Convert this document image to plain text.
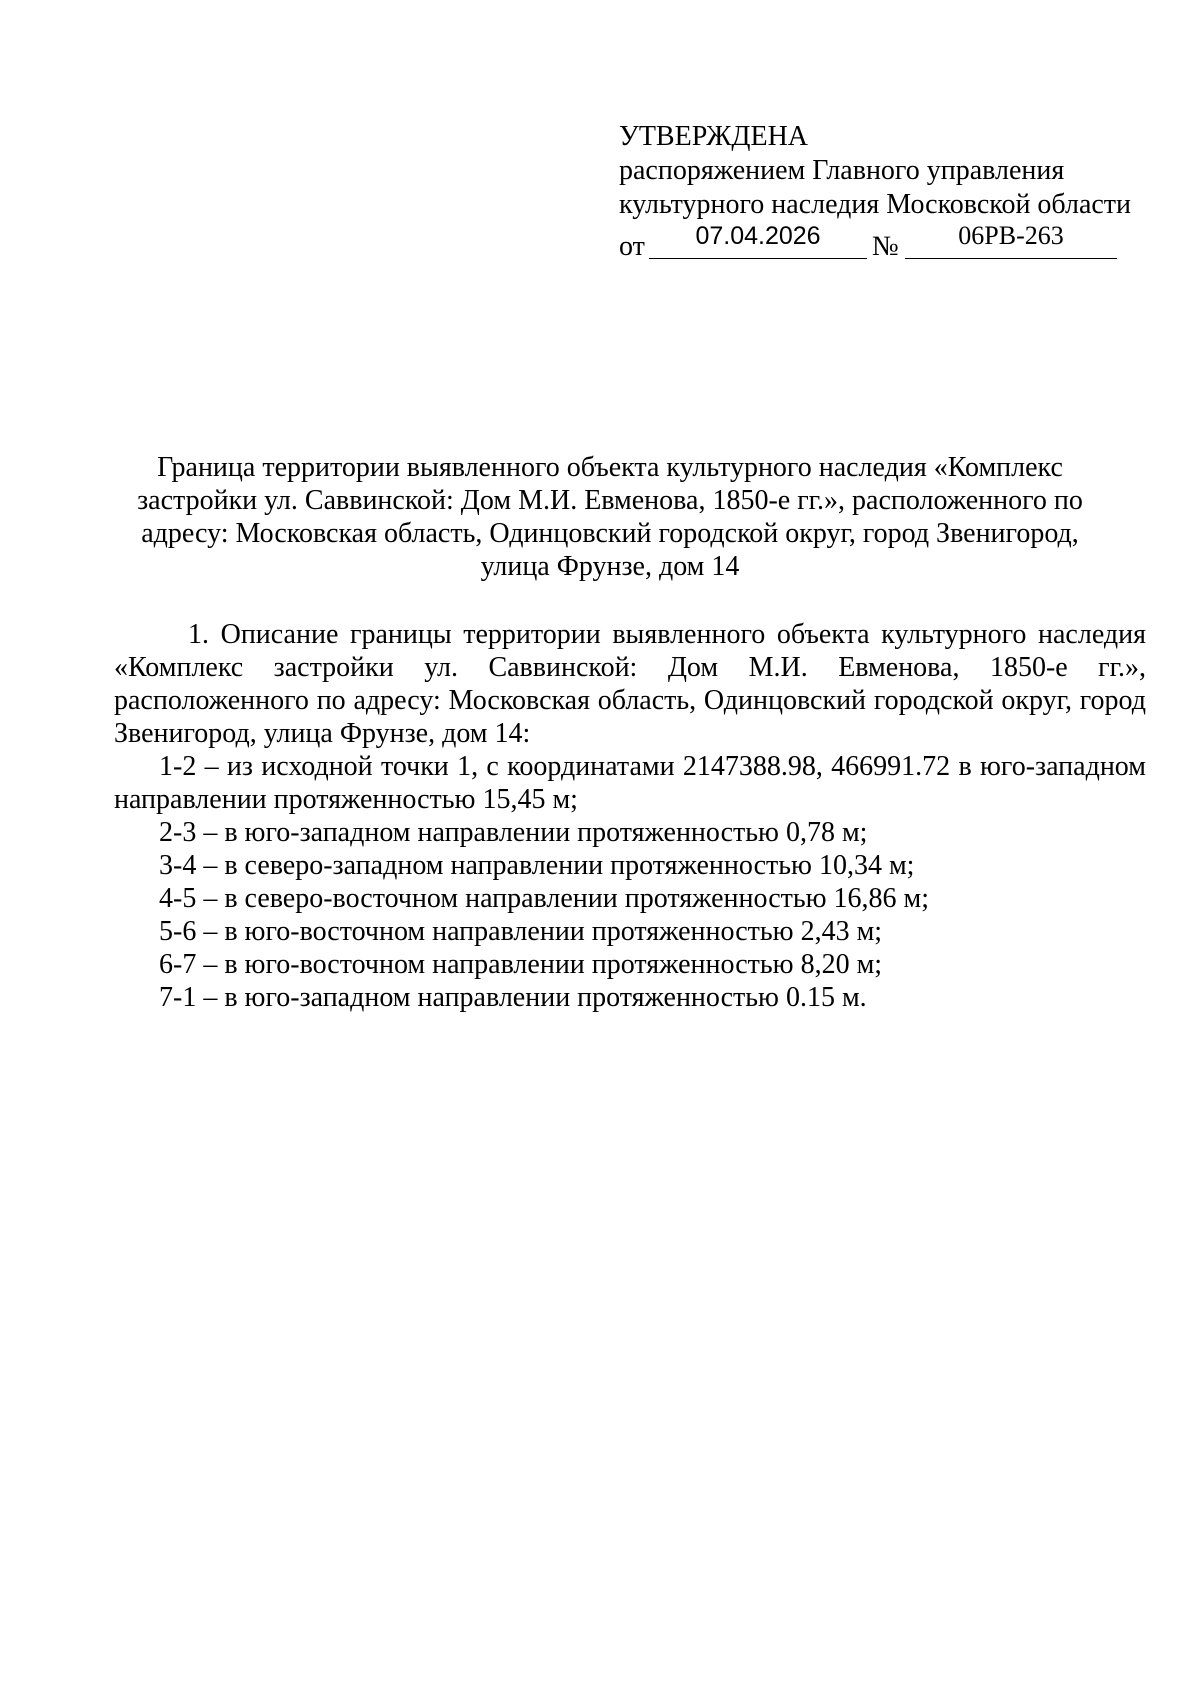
УТВЕРЖДЕНА
распоряжением Главного управления
культурного наследия Московской области
от	07.04.2026	№	06РВ-263
Граница территории выявленного объекта культурного наследия «Комплекс застройки ул. Саввинской: Дом М.И. Евменова, 1850-е гг.», расположенного по адресу: Московская область, Одинцовский городской округ, город Звенигород, улица Фрунзе, дом 14

1. Описание границы территории выявленного объекта культурного наследия «Комплекс застройки ул. Саввинской: Дом М.И. Евменова, 1850-е гг.», расположенного по адресу: Московская область, Одинцовский городской округ, город Звенигород, улица Фрунзе, дом 14:

1-2 – из исходной точки 1, с координатами 2147388.98, 466991.72 в юго-западном направлении протяженностью 15,45 м;

2-3 – в юго-западном направлении протяженностью 0,78 м;

3-4 – в северо-западном направлении протяженностью 10,34 м;

4-5 – в северо-восточном направлении протяженностью 16,86 м;

5-6 – в юго-восточном направлении протяженностью 2,43 м;

6-7 – в юго-восточном направлении протяженностью 8,20 м;

7-1 – в юго-западном направлении протяженностью 0.15 м.
